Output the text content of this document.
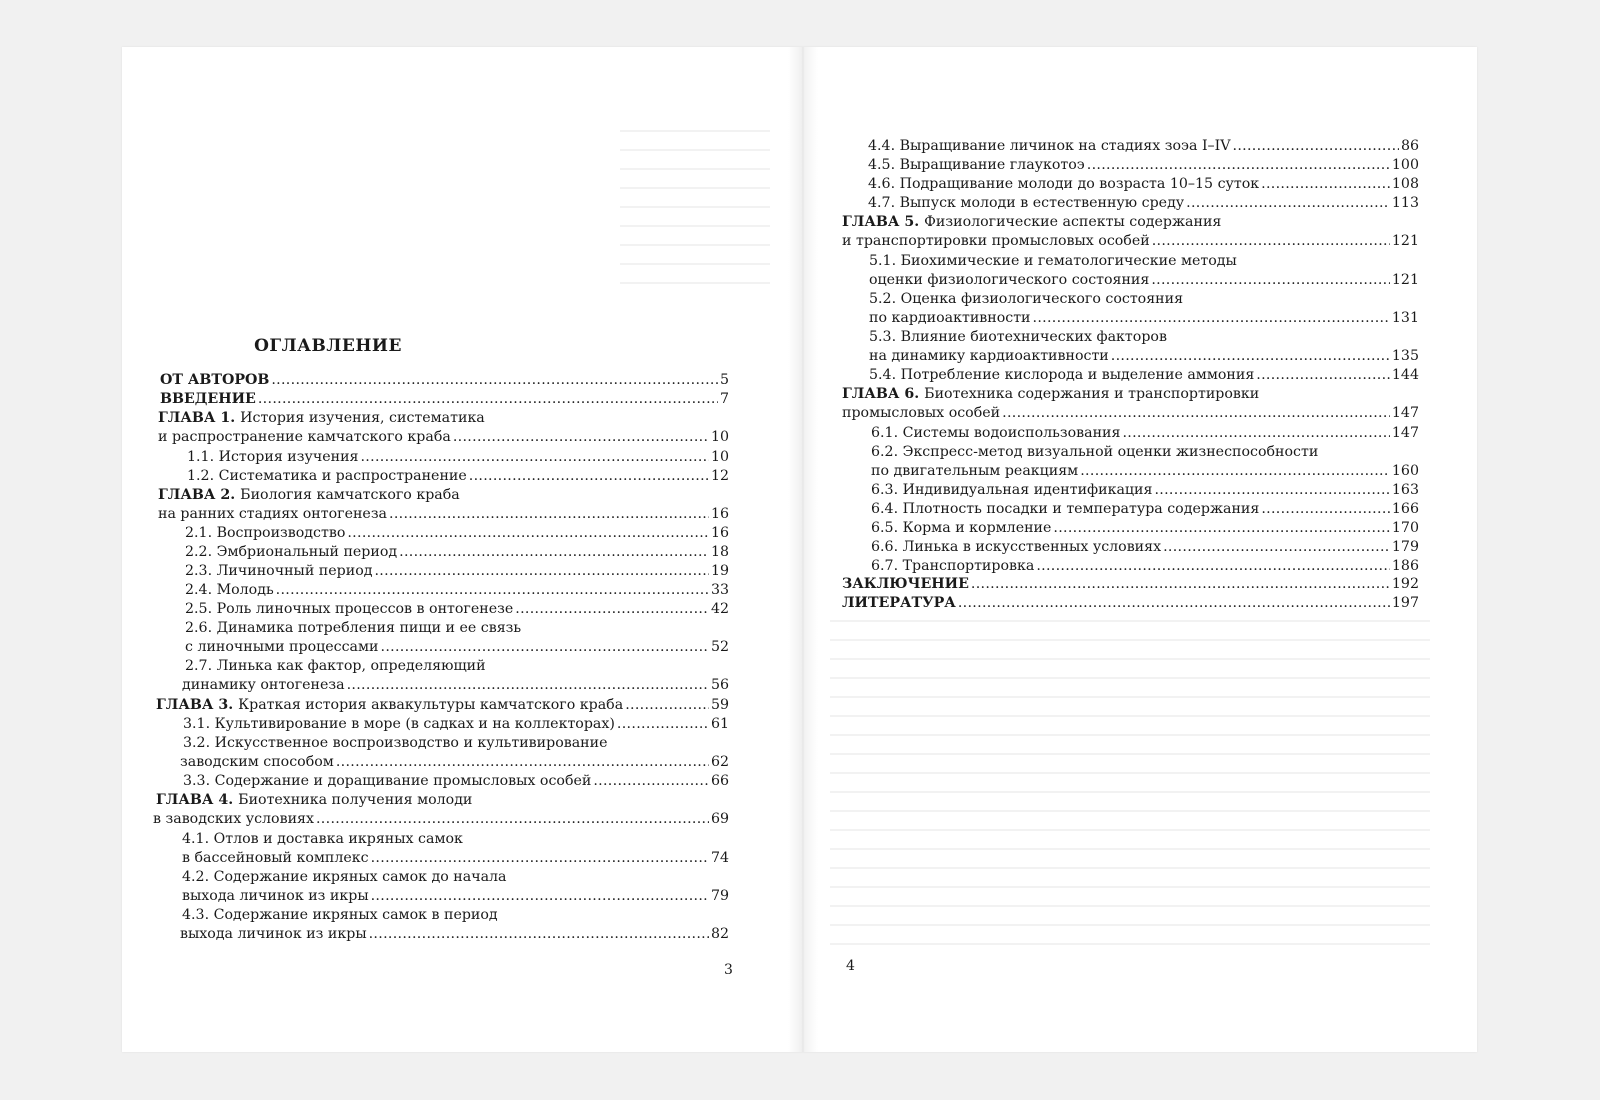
ОГЛАВЛЕНИЕ
ОТ АВТОРОВ . . .	5
ВВЕДЕНИЕ . . .	7
ГЛАВА 1. История изучения, систематика
и распространение камчатского краба . . .	10
1.1. История изучения . . .	10
1.2. Систематика и распространение . . .	12
ГЛАВА 2. Биология камчатского краба
на ранних стадиях онтогенеза . . .	16
2.1. Воспроизводство . . .	16
2.2. Эмбриональный период . . .	18
2.3. Личиночный период . . .	19
2.4. Молодь . . .	33
2.5. Роль линочных процессов в онтогенезе . . .	42
2.6. Динамика потребления пищи и ее связь
с линочными процессами . . .	52
2.7. Линька как фактор, определяющий
динамику онтогенеза . . .	56
ГЛАВА 3. Краткая история аквакультуры камчатского краба . . .	59
3.1. Культивирование в море (в садках и на коллекторах) . . .	61
3.2. Искусственное воспроизводство и культивирование
заводским способом . . .	62
3.3. Содержание и доращивание промысловых особей . . .	66
ГЛАВА 4. Биотехника получения молоди
в заводских условиях . . .	69
4.1. Отлов и доставка икряных самок
в бассейновый комплекс . . .	74
4.2. Содержание икряных самок до начала
выхода личинок из икры . . .	79
4.3. Содержание икряных самок в период
выхода личинок из икры . . .	82
3
4.4. Выращивание личинок на стадиях зоэа I–IV . . .	86
4.5. Выращивание глаукотоэ . . .	100
4.6. Подращивание молоди до возраста 10–15 суток . . .	108
4.7. Выпуск молоди в естественную среду . . .	113
ГЛАВА 5. Физиологические аспекты содержания
и транспортировки промысловых особей . . .	121
5.1. Биохимические и гематологические методы
оценки физиологического состояния . . .	121
5.2. Оценка физиологического состояния
по кардиоактивности . . .	131
5.3. Влияние биотехнических факторов
на динамику кардиоактивности . . .	135
5.4. Потребление кислорода и выделение аммония . . .	144
ГЛАВА 6. Биотехника содержания и транспортировки
промысловых особей . . .	147
6.1. Системы водоиспользования . . .	147
6.2. Экспресс-метод визуальной оценки жизнеспособности
по двигательным реакциям . . .	160
6.3. Индивидуальная идентификация . . .	163
6.4. Плотность посадки и температура содержания . . .	166
6.5. Корма и кормление . . .	170
6.6. Линька в искусственных условиях . . .	179
6.7. Транспортировка . . .	186
ЗАКЛЮЧЕНИЕ . . .	192
ЛИТЕРАТУРА . . .	197
4
